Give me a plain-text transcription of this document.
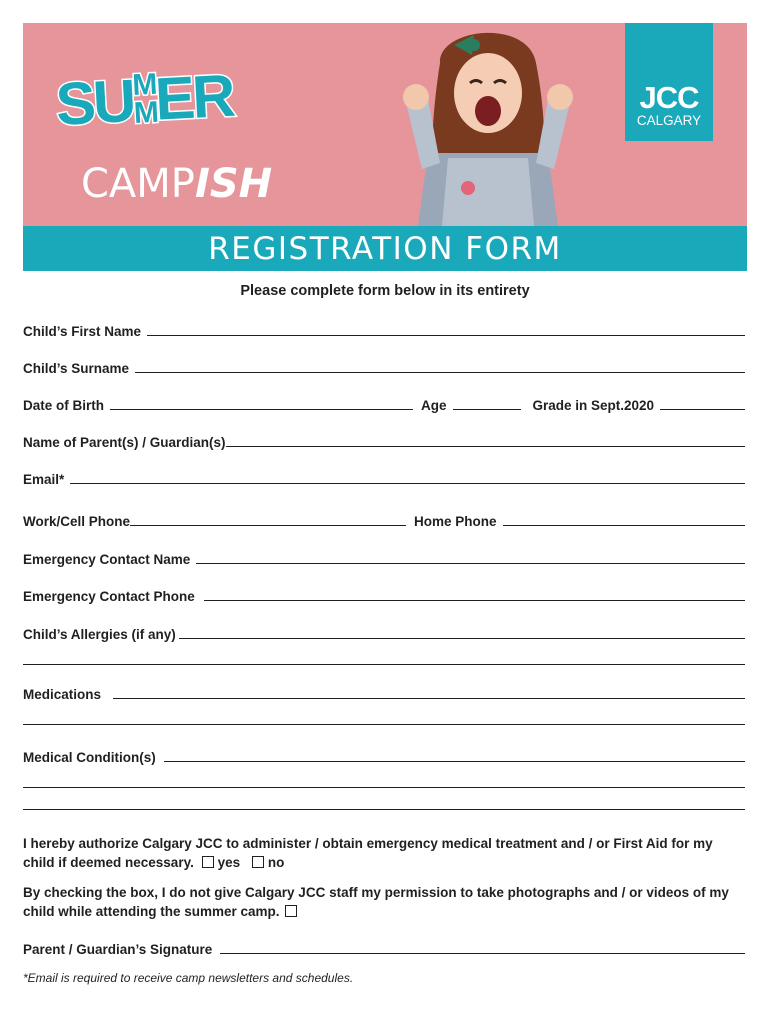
$SU^MMER$
CAMPISH
JCC
CALGARY
REGISTRATION FORM
Please complete form below in its entirety
Child’s First Name
Child’s Surname
Date of Birth	Age	Grade in Sept.2020
Name of Parent(s) / Guardian(s)
Email*
Work/Cell Phone	Home Phone
Emergency Contact Name
Emergency Contact Phone
Child’s Allergies (if any)
Medications
Medical Condition(s)
I hereby authorize Calgary JCC to administer / obtain emergency medical treatment and / or First Aid for my child if deemed necessary. yes no
By checking the box, I do not give Calgary JCC staff my permission to take photographs and / or videos of my child while attending the summer camp.
Parent / Guardian’s Signature
*Email is required to receive camp newsletters and schedules.
